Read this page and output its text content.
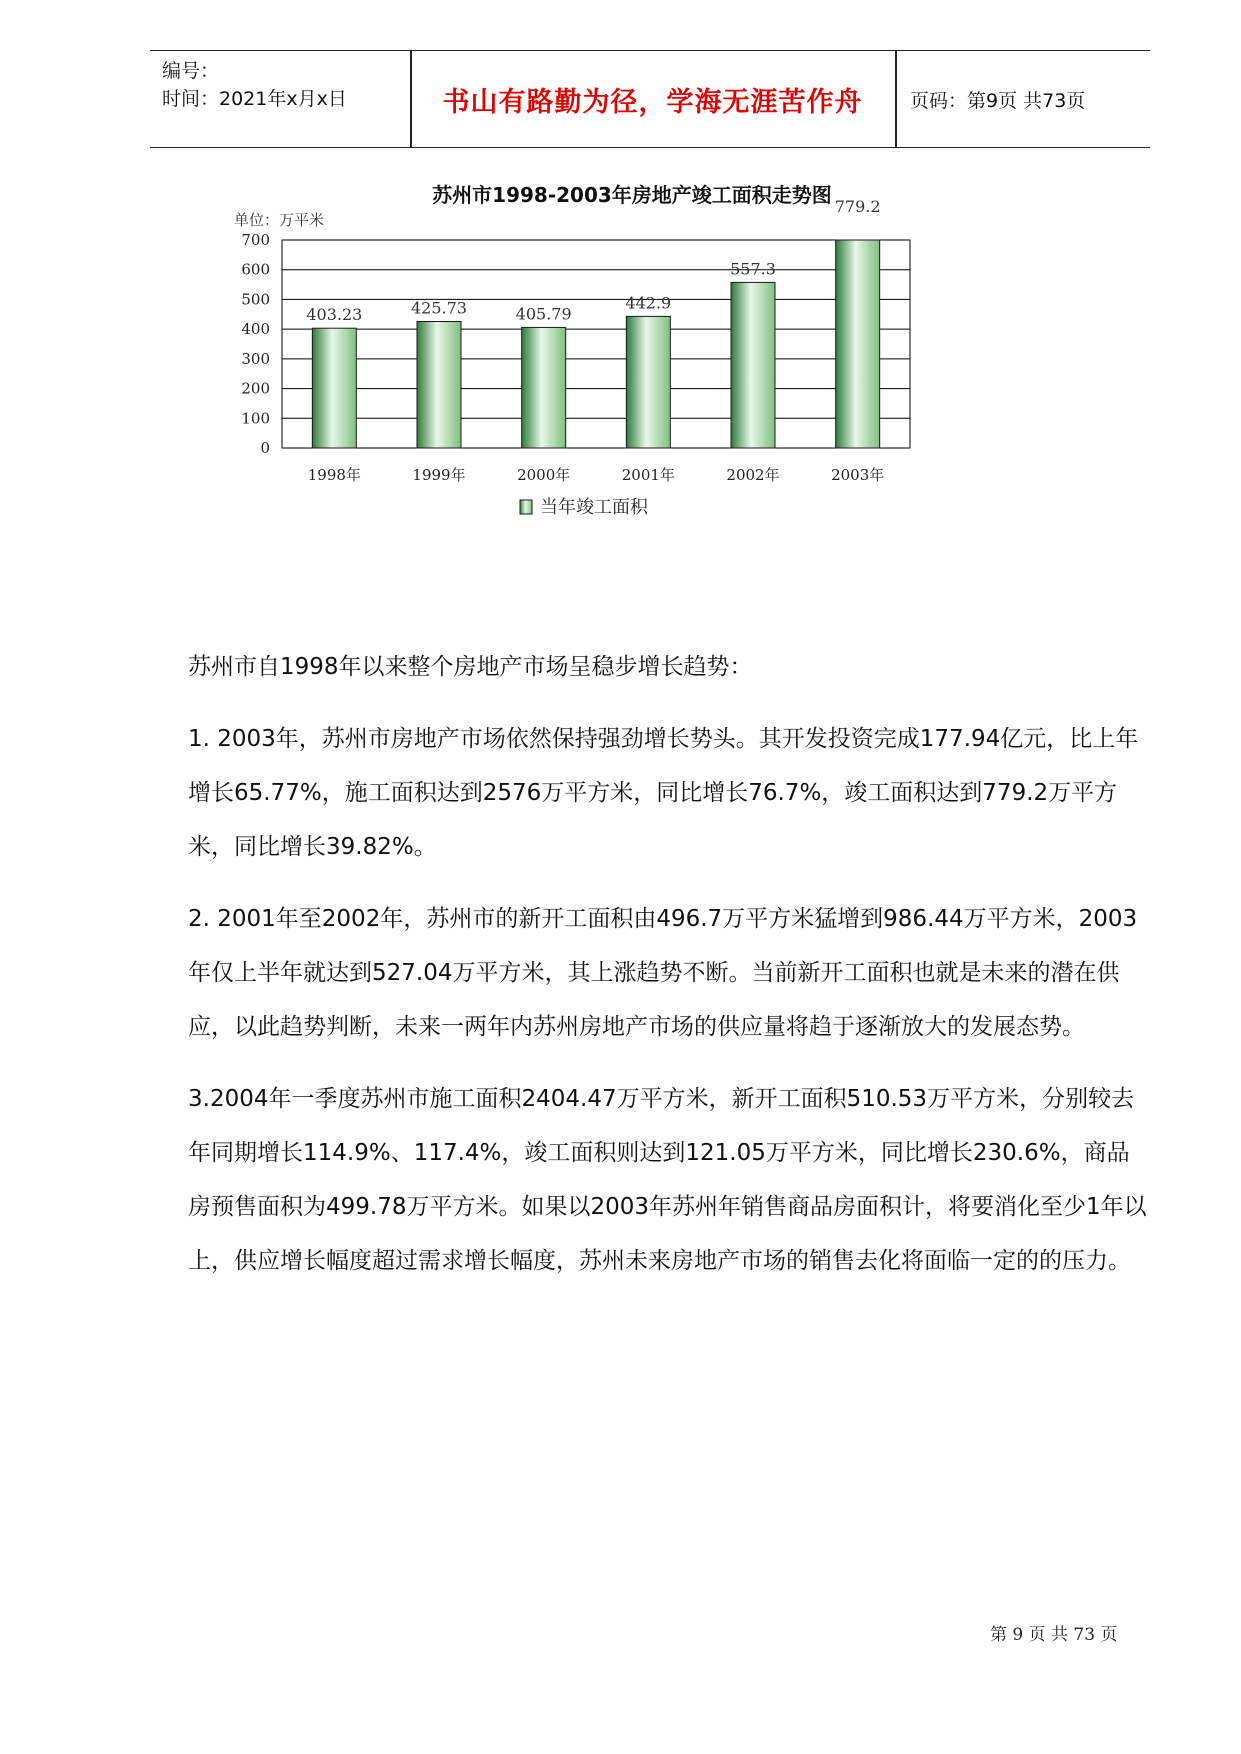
编号：
时间：2021年x月x日	书山有路勤为径，学海无涯苦作舟	页码：第9页 共73页
苏州市1998-2003年房地产竣工面积走势图
单位：万平米
0
100
200
300
400
500
600
700
403.23
1998年
425.73
1999年
405.79
2000年
442.9
2001年
557.3
2002年
779.2
2003年
当年竣工面积

苏州市自1998年以来整个房地产市场呈稳步增长趋势：

1. 2003年，苏州市房地产市场依然保持强劲增长势头。其开发投资完成177.94亿元，比上年增长65.77%，施工面积达到2576万平方米，同比增长76.7%，竣工面积达到779.2万平方米，同比增长39.82%。

2. 2001年至2002年，苏州市的新开工面积由496.7万平方米猛增到986.44万平方米，2003年仅上半年就达到527.04万平方米，其上涨趋势不断。当前新开工面积也就是未来的潜在供应，以此趋势判断，未来一两年内苏州房地产市场的供应量将趋于逐渐放大的发展态势。

3.2004年一季度苏州市施工面积2404.47万平方米，新开工面积510.53万平方米，分别较去年同期增长114.9%、117.4%，竣工面积则达到121.05万平方米，同比增长230.6%，商品房预售面积为499.78万平方米。如果以2003年苏州年销售商品房面积计，将要消化至少1年以上，供应增长幅度超过需求增长幅度，苏州未来房地产市场的销售去化将面临一定的的压力。

第 9 页 共 73 页
